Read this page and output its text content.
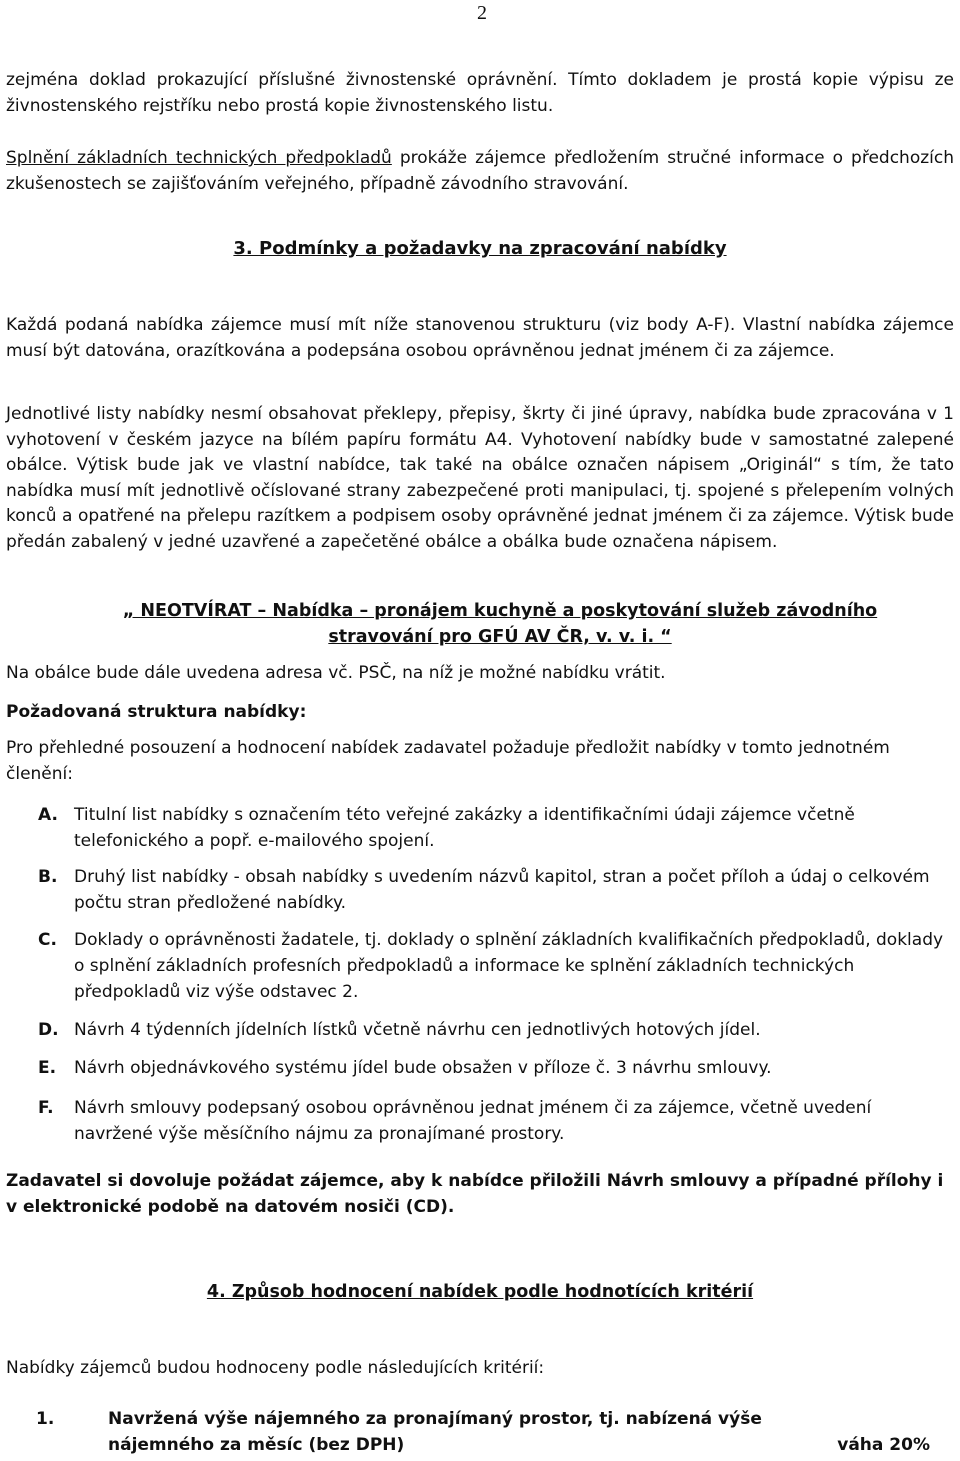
2

zejména doklad prokazující příslušné živnostenské oprávnění. Tímto dokladem je prostá kopie výpisu ze živnostenského rejstříku nebo prostá kopie živnostenského listu.

Splnění základních technických předpokladů prokáže zájemce předložením stručné informace o předchozích zkušenostech se zajišťováním veřejného, případně závodního stravování.

3. Podmínky a požadavky na zpracování nabídky

Každá podaná nabídka zájemce musí mít níže stanovenou strukturu (viz body A-F). Vlastní nabídka zájemce musí být datována, orazítkována a podepsána osobou oprávněnou jednat jménem či za zájemce.

Jednotlivé listy nabídky nesmí obsahovat překlepy, přepisy, škrty či jiné úpravy, nabídka bude zpracována v 1 vyhotovení v českém jazyce na bílém papíru formátu A4. Vyhotovení nabídky bude v samostatné zalepené obálce. Výtisk bude jak ve vlastní nabídce, tak také na obálce označen nápisem „Originál“ s tím, že tato nabídka musí mít jednotlivě očíslované strany zabezpečené proti manipulaci, tj. spojené s přelepením volných konců a opatřené na přelepu razítkem a podpisem osoby oprávněné jednat jménem či za zájemce. Výtisk bude předán zabalený v jedné uzavřené a zapečetěné obálce a obálka bude označena nápisem.

„ NEOTVÍRAT – Nabídka – pronájem kuchyně a poskytování služeb závodního
stravování pro GFÚ AV ČR, v. v. i. “

Na obálce bude dále uvedena adresa vč. PSČ, na níž je možné nabídku vrátit.

Požadovaná struktura nabídky:

Pro přehledné posouzení a hodnocení nabídek zadavatel požaduje předložit nabídky v tomto jednotném členění:

A. Titulní list nabídky s označením této veřejné zakázky a identifikačními údaji zájemce včetně telefonického a popř. e-mailového spojení.
B. Druhý list nabídky - obsah nabídky s uvedením názvů kapitol, stran a počet příloh a údaj o celkovém počtu stran předložené nabídky.
C. Doklady o oprávněnosti žadatele, tj. doklady o splnění základních kvalifikačních předpokladů, doklady o splnění základních profesních předpokladů a informace ke splnění základních technických předpokladů viz výše odstavec 2.
D. Návrh 4 týdenních jídelních lístků včetně návrhu cen jednotlivých hotových jídel.
E. Návrh objednávkového systému jídel bude obsažen v příloze č. 3 návrhu smlouvy.
F. Návrh smlouvy podepsaný osobou oprávněnou jednat jménem či za zájemce, včetně uvedení navržené výše měsíčního nájmu za pronajímané prostory.

Zadavatel si dovoluje požádat zájemce, aby k nabídce přiložili Návrh smlouvy a případné přílohy i v elektronické podobě na datovém nosiči (CD).

4. Způsob hodnocení nabídek podle hodnotících kritérií

Nabídky zájemců budou hodnoceny podle následujících kritérií:

1.	Navržená výše nájemného za pronajímaný prostor, tj. nabízená výše nájemného za měsíc (bez DPH)	váha 20%
